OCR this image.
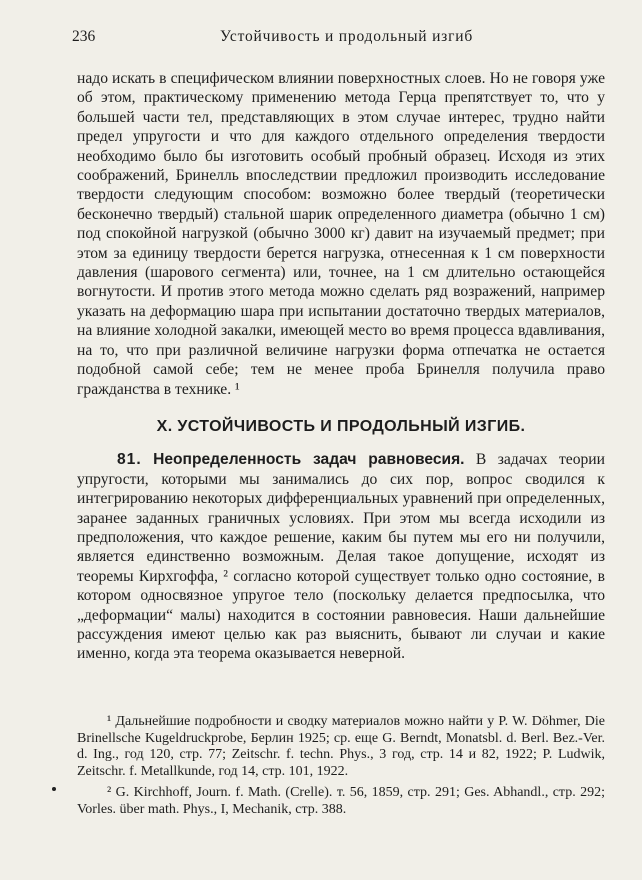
236	Устойчивость и продольный изгиб

надо искать в специфическом влиянии поверхностных слоев. Но не говоря уже об этом, практическому применению метода Герца препятствует то, что у большей части тел, представляющих в этом случае интерес, трудно найти предел упругости и что для каждого отдельного определения твердости необходимо было бы изготовить особый пробный образец. Исходя из этих соображений, Бринелль впоследствии предложил производить исследование твердости следующим способом: возможно более твердый (теоретически бесконечно твердый) стальной шарик определенного диаметра (обычно 1 см) под спокойной нагрузкой (обычно 3000 кг) давит на изучаемый предмет; при этом за единицу твердости берется нагрузка, отнесенная к 1 см поверхности давления (шарового сегмента) или, точнее, на 1 см длительно остающейся вогнутости. И против этого метода можно сделать ряд возражений, например указать на деформацию шара при испытании достаточно твердых материалов, на влияние холодной закалки, имеющей место во время процесса вдавливания, на то, что при различной величине нагрузки форма отпечатка не остается подобной самой себе; тем не менее проба Бринелля получила право гражданства в технике. ¹

X. УСТОЙЧИВОСТЬ И ПРОДОЛЬНЫЙ ИЗГИБ.

81. Неопределенность задач равновесия. В задачах теории упругости, которыми мы занимались до сих пор, вопрос сводился к интегрированию некоторых дифференциальных уравнений при определенных, заранее заданных граничных условиях. При этом мы всегда исходили из предположения, что каждое решение, каким бы путем мы его ни получили, является единственно возможным. Делая такое допущение, исходят из теоремы Кирхгоффа, ² согласно которой существует только одно состояние, в котором односвязное упругое тело (поскольку делается предпосылка, что „деформации“ малы) находится в состоянии равновесия. Наши дальнейшие рассуждения имеют целью как раз выяснить, бывают ли случаи и какие именно, когда эта теорема оказывается неверной.

¹ Дальнейшие подробности и сводку материалов можно найти у P. W. Döhmer, Die Brinellsche Kugeldruckprobe, Берлин 1925; ср. еще G. Berndt, Monatsbl. d. Berl. Bez.-Ver. d. Ing., год 120, стр. 77; Zeitschr. f. techn. Phys., 3 год, стр. 14 и 82, 1922; P. Ludwik, Zeitschr. f. Metallkunde, год 14, стр. 101, 1922.

² G. Kirchhoff, Journ. f. Math. (Crelle). т. 56, 1859, стр. 291; Ges. Abhandl., стр. 292; Vorles. über math. Phys., I, Mechanik, стр. 388.
